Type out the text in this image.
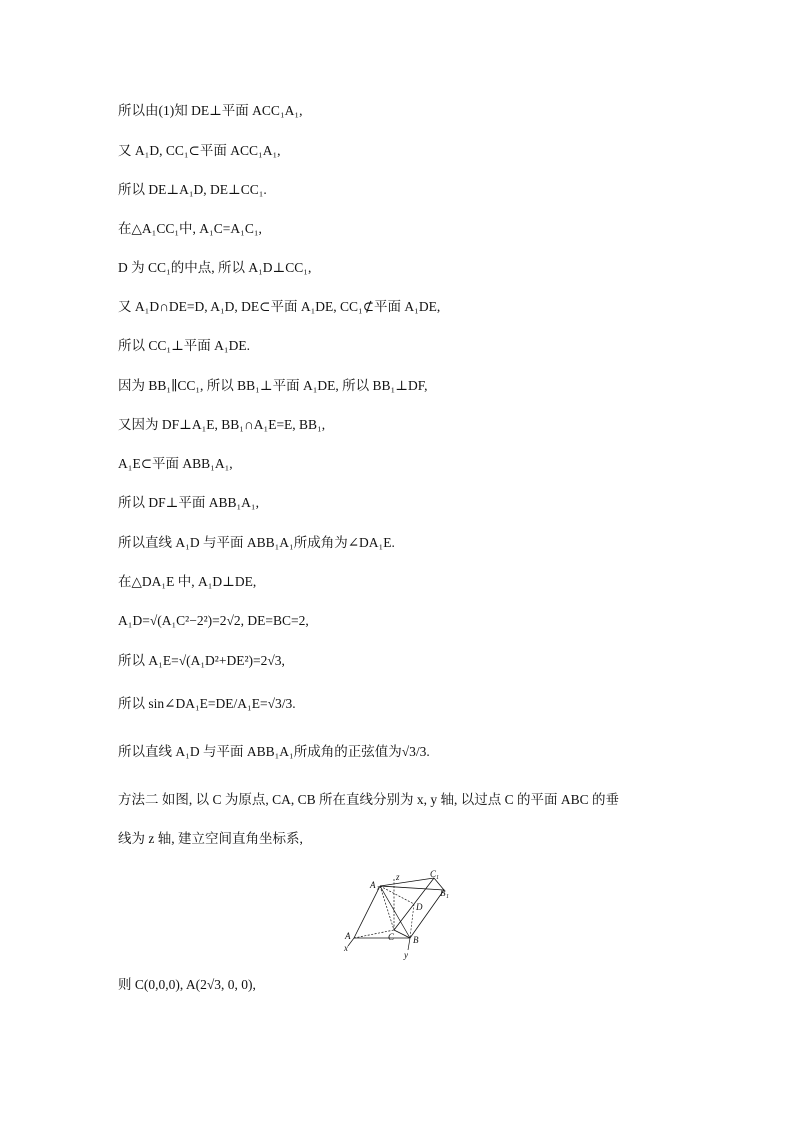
所以由(1)知 DE⊥平面 ACC₁A₁,
又 A₁D, CC₁⊂平面 ACC₁A₁,
所以 DE⊥A₁D, DE⊥CC₁.
在△A₁CC₁中, A₁C=A₁C₁,
D 为 CC₁的中点, 所以 A₁D⊥CC₁,
又 A₁D∩DE=D, A₁D, DE⊂平面 A₁DE, CC₁⊄平面 A₁DE,
所以 CC₁⊥平面 A₁DE.
因为 BB₁∥CC₁, 所以 BB₁⊥平面 A₁DE, 所以 BB₁⊥DF,
又因为 DF⊥A₁E, BB₁∩A₁E=E, BB₁,
A₁E⊂平面 ABB₁A₁,
所以 DF⊥平面 ABB₁A₁,
所以直线 A₁D 与平面 ABB₁A₁所成角为∠DA₁E.
在△DA₁E 中, A₁D⊥DE,
A₁D=√(A₁C²−2²)=2√2, DE=BC=2,
所以 A₁E=√(A₁D²+DE²)=2√3,
所以 sin∠DA₁E=DE/A₁E=√3/3.
所以直线 A₁D 与平面 ABB₁A₁所成角的正弦值为√3/3.
方法二 如图, 以 C 为原点, CA, CB 所在直线分别为 x, y 轴, 以过点 C 的平面 ABC 的垂
线为 z 轴, 建立空间直角坐标系,
则 C(0,0,0), A(2√3, 0, 0),
A 1
z	C 1
B 1
D
A	C B
x
y
